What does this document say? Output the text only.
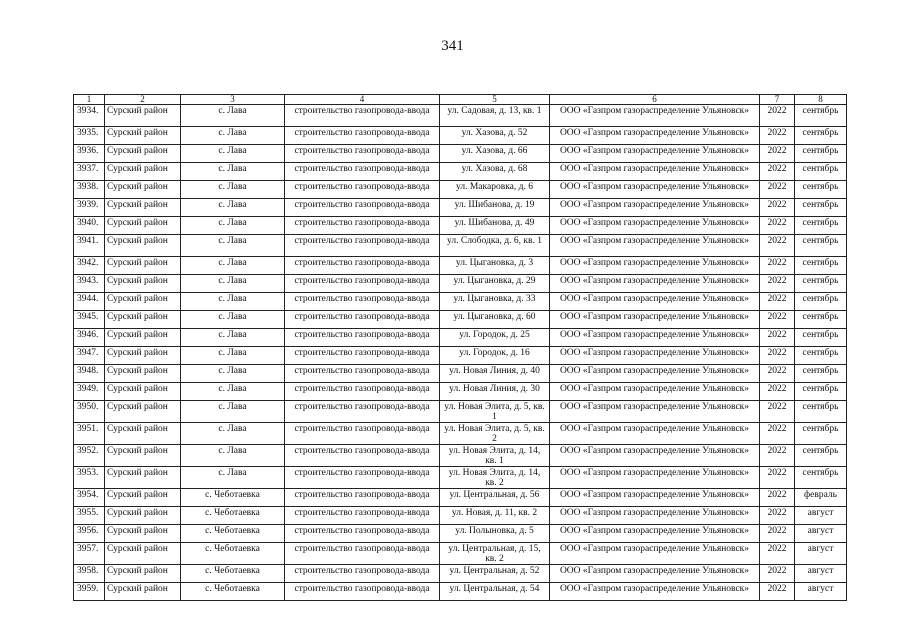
341
1	2	3	4	5	6	7	8
3934.	Сурский район	с. Лава	строительство газопровода-ввода	ул. Садовая, д. 13, кв. 1	ООО «Газпром газораспределение Ульяновск»	2022	сентябрь
3935.	Сурский район	с. Лава	строительство газопровода-ввода	ул. Хазова, д. 52	ООО «Газпром газораспределение Ульяновск»	2022	сентябрь
3936.	Сурский район	с. Лава	строительство газопровода-ввода	ул. Хазова, д. 66	ООО «Газпром газораспределение Ульяновск»	2022	сентябрь
3937.	Сурский район	с. Лава	строительство газопровода-ввода	ул. Хазова, д. 68	ООО «Газпром газораспределение Ульяновск»	2022	сентябрь
3938.	Сурский район	с. Лава	строительство газопровода-ввода	ул. Макаровка, д. 6	ООО «Газпром газораспределение Ульяновск»	2022	сентябрь
3939.	Сурский район	с. Лава	строительство газопровода-ввода	ул. Шибанова, д. 19	ООО «Газпром газораспределение Ульяновск»	2022	сентябрь
3940.	Сурский район	с. Лава	строительство газопровода-ввода	ул. Шибанова, д. 49	ООО «Газпром газораспределение Ульяновск»	2022	сентябрь
3941.	Сурский район	с. Лава	строительство газопровода-ввода	ул. Слободка, д. 6, кв. 1	ООО «Газпром газораспределение Ульяновск»	2022	сентябрь
3942.	Сурский район	с. Лава	строительство газопровода-ввода	ул. Цыгановка, д. 3	ООО «Газпром газораспределение Ульяновск»	2022	сентябрь
3943.	Сурский район	с. Лава	строительство газопровода-ввода	ул. Цыгановка, д. 29	ООО «Газпром газораспределение Ульяновск»	2022	сентябрь
3944.	Сурский район	с. Лава	строительство газопровода-ввода	ул. Цыгановка, д. 33	ООО «Газпром газораспределение Ульяновск»	2022	сентябрь
3945.	Сурский район	с. Лава	строительство газопровода-ввода	ул. Цыгановка, д. 60	ООО «Газпром газораспределение Ульяновск»	2022	сентябрь
3946.	Сурский район	с. Лава	строительство газопровода-ввода	ул. Городок, д. 25	ООО «Газпром газораспределение Ульяновск»	2022	сентябрь
3947.	Сурский район	с. Лава	строительство газопровода-ввода	ул. Городок, д. 16	ООО «Газпром газораспределение Ульяновск»	2022	сентябрь
3948.	Сурский район	с. Лава	строительство газопровода-ввода	ул. Новая Линия, д. 40	ООО «Газпром газораспределение Ульяновск»	2022	сентябрь
3949.	Сурский район	с. Лава	строительство газопровода-ввода	ул. Новая Линия, д. 30	ООО «Газпром газораспределение Ульяновск»	2022	сентябрь
3950.	Сурский район	с. Лава	строительство газопровода-ввода	ул. Новая Элита, д. 5, кв. 1	ООО «Газпром газораспределение Ульяновск»	2022	сентябрь
3951.	Сурский район	с. Лава	строительство газопровода-ввода	ул. Новая Элита, д. 5, кв. 2	ООО «Газпром газораспределение Ульяновск»	2022	сентябрь
3952.	Сурский район	с. Лава	строительство газопровода-ввода	ул. Новая Элита, д. 14, кв. 1	ООО «Газпром газораспределение Ульяновск»	2022	сентябрь
3953.	Сурский район	с. Лава	строительство газопровода-ввода	ул. Новая Элита, д. 14, кв. 2	ООО «Газпром газораспределение Ульяновск»	2022	сентябрь
3954.	Сурский район	с. Чеботаевка	строительство газопровода-ввода	ул. Центральная, д. 56	ООО «Газпром газораспределение Ульяновск»	2022	февраль
3955.	Сурский район	с. Чеботаевка	строительство газопровода-ввода	ул. Новая, д. 11, кв. 2	ООО «Газпром газораспределение Ульяновск»	2022	август
3956.	Сурский район	с. Чеботаевка	строительство газопровода-ввода	ул. Полыновка, д. 5	ООО «Газпром газораспределение Ульяновск»	2022	август
3957.	Сурский район	с. Чеботаевка	строительство газопровода-ввода	ул. Центральная, д. 15, кв. 2	ООО «Газпром газораспределение Ульяновск»	2022	август
3958.	Сурский район	с. Чеботаевка	строительство газопровода-ввода	ул. Центральная, д. 52	ООО «Газпром газораспределение Ульяновск»	2022	август
3959.	Сурский район	с. Чеботаевка	строительство газопровода-ввода	ул. Центральная, д. 54	ООО «Газпром газораспределение Ульяновск»	2022	август
